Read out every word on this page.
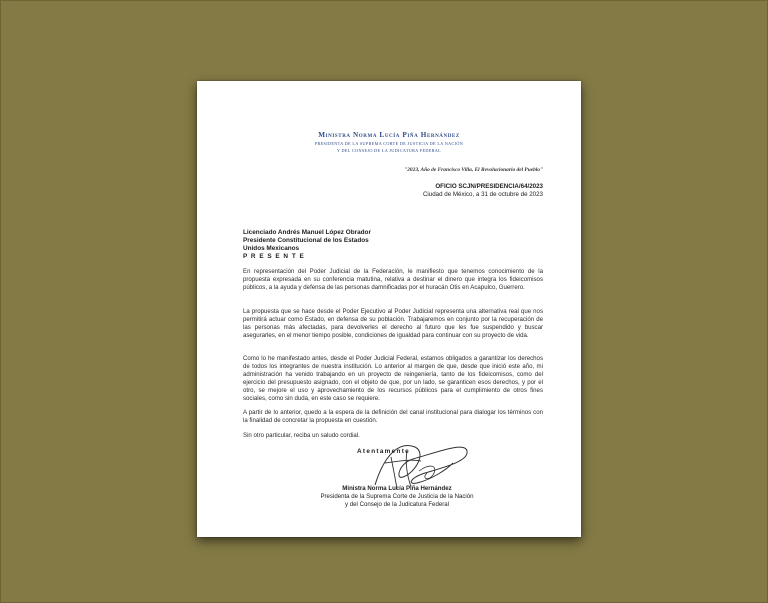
Ministra Norma Lucía Piña Hernández
PRESIDENTA DE LA SUPREMA CORTE DE JUSTICIA DE LA NACIÓN
Y DEL CONSEJO DE LA JUDICATURA FEDERAL
"2023, Año de Francisco Villa, El Revolucionario del Pueblo"
OFICIO SCJN/PRESIDENCIA/64/2023
Ciudad de México, a 31 de octubre de 2023
Licenciado Andrés Manuel López Obrador
Presidente Constitucional de los Estados
Unidos Mexicanos
P R E S E N T E
En representación del Poder Judicial de la Federación, le manifiesto que tenemos conocimiento de la propuesta expresada en su conferencia matutina, relativa a destinar el dinero que integra los fideicomisos públicos, a la ayuda y defensa de las personas damnificadas por el huracán Otis en Acapulco, Guerrero.
La propuesta que se hace desde el Poder Ejecutivo al Poder Judicial representa una alternativa real que nos permitirá actuar como Estado, en defensa de su población. Trabajaremos en conjunto por la recuperación de las personas más afectadas, para devolverles el derecho al futuro que les fue suspendido y buscar asegurarles, en el menor tiempo posible, condiciones de igualdad para continuar con su proyecto de vida.
Como lo he manifestado antes, desde el Poder Judicial Federal, estamos obligados a garantizar los derechos de todos los integrantes de nuestra institución. Lo anterior al margen de que, desde que inició este año, mi administración ha venido trabajando en un proyecto de reingeniería, tanto de los fideicomisos, como del ejercicio del presupuesto asignado, con el objeto de que, por un lado, se garanticen esos derechos, y por el otro, se mejore el uso y aprovechamiento de los recursos públicos para el cumplimiento de otros fines sociales, como sin duda, en este caso se requiere.
A partir de lo anterior, quedo a la espera de la definición del canal institucional para dialogar los términos con la finalidad de concretar la propuesta en cuestión.
Sin otro particular, reciba un saludo cordial.
Atentamente
Ministra Norma Lucía Piña Hernández
Presidenta de la Suprema Corte de Justicia de la Nación
y del Consejo de la Judicatura Federal
